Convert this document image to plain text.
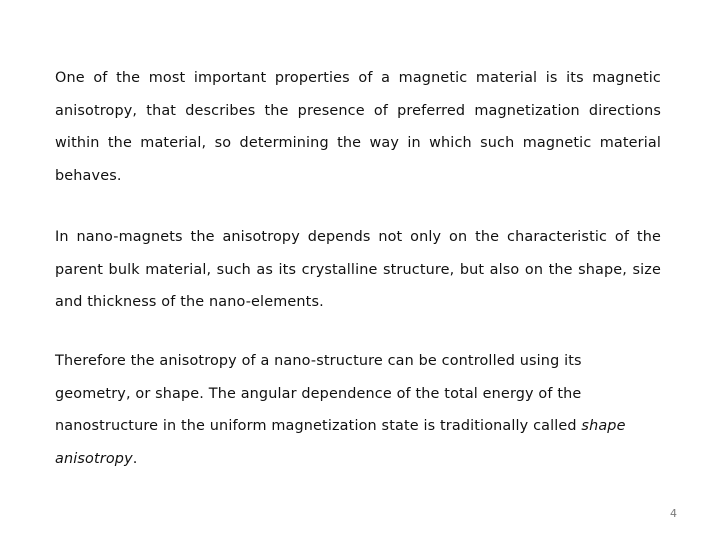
One of the most important properties of a magnetic material is its magnetic anisotropy, that describes the presence of preferred magnetization directions within the material, so determining the way in which such magnetic material behaves.

In nano-magnets the anisotropy depends not only on the characteristic of the parent bulk material, such as its crystalline structure, but also on the shape, size and thickness of the nano-elements.

Therefore the anisotropy of a nano-structure can be controlled using its geometry, or shape. The angular dependence of the total energy of the nanostructure in the uniform magnetization state is traditionally called shape anisotropy.

4
